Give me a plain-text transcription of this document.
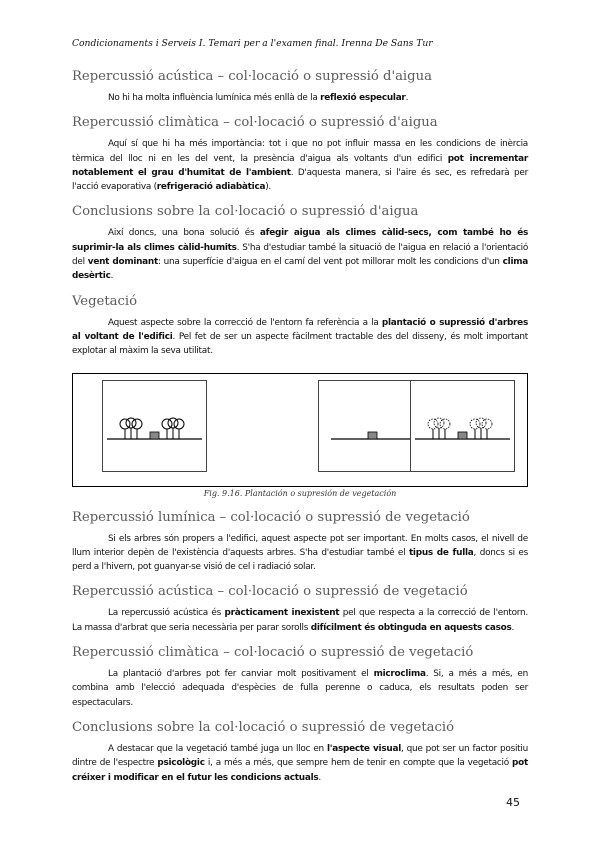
Condicionaments i Serveis I. Temari per a l'examen final. Irenna De Sans Tur
Repercussió acústica – col·locació o supressió d'aigua

No hi ha molta influència lumínica més enllà de la reflexió especular.

Repercussió climàtica – col·locació o supressió d'aigua

Aquí sí que hi ha més importància: tot i que no pot influir massa en les condicions de inèrcia tèrmica del lloc ni en les del vent, la presència d'aigua als voltants d'un edifici pot incrementar notablement el grau d'humitat de l'ambient. D'aquesta manera, si l'aire és sec, es refredarà per l'acció evaporativa (refrigeració adiabàtica).

Conclusions sobre la col·locació o supressió d'aigua

Així doncs, una bona solució és afegir aigua als climes càlid-secs, com també ho és suprimir-la als climes càlid-humits. S'ha d'estudiar també la situació de l'aigua en relació a l'orientació del vent dominant: una superfície d'aigua en el camí del vent pot millorar molt les condicions d'un clima desèrtic.

Vegetació

Aquest aspecte sobre la correcció de l'entorn fa referència a la plantació o supressió d'arbres al voltant de l'edifici. Pel fet de ser un aspecte fàcilment tractable des del disseny, és molt important explotar al màxim la seva utilitat.

Fig. 9.16. Plantación o supresión de vegetación
Repercussió lumínica – col·locació o supressió de vegetació

Si els arbres són propers a l'edifici, aquest aspecte pot ser important. En molts casos, el nivell de llum interior depèn de l'existència d'aquests arbres. S'ha d'estudiar també el tipus de fulla, doncs si es perd a l'hivern, pot guanyar-se visió de cel i radiació solar.

Repercussió acústica – col·locació o supressió de vegetació

La repercussió acústica és pràcticament inexistent pel que respecta a la correcció de l'entorn. La massa d'arbrat que seria necessària per parar sorolls difícilment és obtinguda en aquests casos.

Repercussió climàtica – col·locació o supressió de vegetació

La plantació d'arbres pot fer canviar molt positivament el microclima. Si, a més a més, en combina amb l'elecció adequada d'espècies de fulla perenne o caduca, els resultats poden ser espectaculars.

Conclusions sobre la col·locació o supressió de vegetació

A destacar que la vegetació també juga un lloc en l'aspecte visual, que pot ser un factor positiu dintre de l'espectre psicològic i, a més a més, que sempre hem de tenir en compte que la vegetació pot créixer i modificar en el futur les condicions actuals.

45
